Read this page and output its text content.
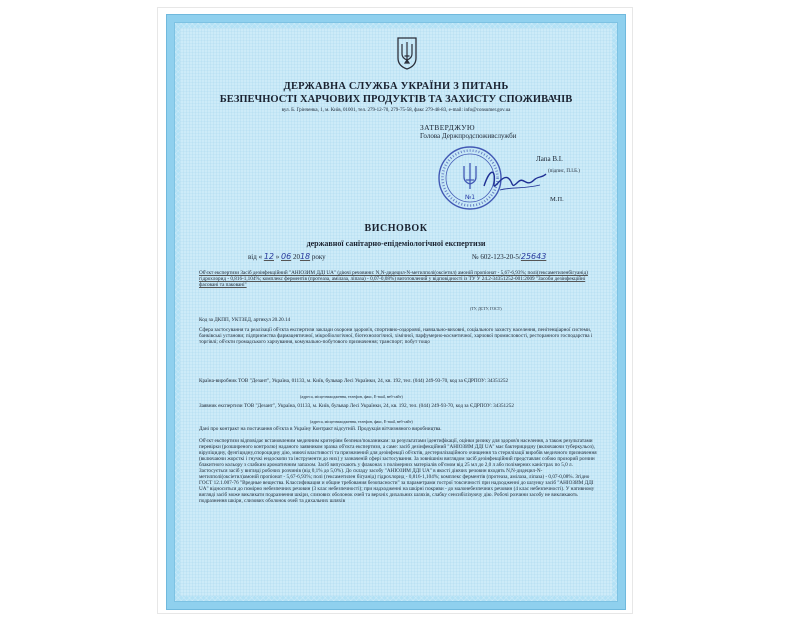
ДЕРЖАВНА СЛУЖБА УКРАЇНИ З ПИТАНЬ
БЕЗПЕЧНОСТІ ХАРЧОВИХ ПРОДУКТІВ ТА ЗАХИСТУ СПОЖИВАЧІВ
вул. Б. Грінченка, 1, м. Київ, 01001, тел. 279-12-70, 279-75-58, факс 279-48-83, e-mail: info@consumer.gov.ua
ЗАТВЕРДЖУЮ
Голова Держпродспоживслужби
Лапа В.І.
(підпис, П.І.Б.)
М.П.
№1
ВИСНОВОК
державної санітарно-епідеміологічної експертизи
від « 12 » 06 2018 року	№ 602-123-20-5/25643
Об'єкт експертизи Засіб дезінфекційний "АНІОЗИМ ДДІ UA" (діючі речовини: N,N-дидецил-N-метилполі(оксіетил) амоній пропіонат - 5,67-6,93%; полі(гексаметиленбігуанід) гідрохлорид - 0,816-1,104%; комплекс ферментів (протеаза, амілаза, ліпаза) - 0,07-0,08%) виготовлений у відповідності із ТУ У 24.2-34351252-001:2009 "Засоби дезінфекційні фасовані та паковані"
(ТУ, ДСТУ, ГОСТ)
Код за ДКПП, УКТЗЕД, артикул 20.20.14
Сфера застосування та реалізації об'єкта експертизи заклади охорони здоров'я, спортивно-оздоровчі, навчально-виховні, соціального захисту населення, пенітенціарної системи, банківські установи; підприємства фармацевтичної, мікробіологічної, біотехнологічної, хімічної, парфумерно-косметичної, харчової промисловості, ресторанного господарства і торгівлі; об'єкти громадського харчування, комунально-побутового призначення; транспорт; побут тощо
Країна-виробник ТОВ "Дезант", Україна, 01133, м. Київ, бульвар Лесі Українки, 24, кв. 192, тел. (044) 249-93-70, код за ЄДРПОУ: 34351252
(адреса, місцезнаходження, телефон, факс, E-mail, веб-сайт)
Заявник експертизи ТОВ "Дезант", Україна, 01133, м. Київ, бульвар Лесі Українки, 24, кв. 192, тел. (044) 249-93-70, код за ЄДРПОУ: 34351252
(адреса, місцезнаходження, телефон, факс, E-mail, веб-сайт)
Дані про контракт на постачання об'єкта в Україну Контракт відсутній. Продукція вітчизняного виробництва.
Об'єкт експертизи відповідає встановленим медичним критеріям безпеки/показникам: за результатами ідентифікації, оцінки ризику для здоров'я населення, а також результатами перевірки (розширеного контролю) наданого заявником зразка об'єкта експертизи, а саме: засіб дезінфекційний "АНІОЗИМ ДДІ UA" має бактерицидну (включаючи туберкульоз), віруліцидну, фунгіцидну,спороцидну дію, миючі властивості та призначений для дезінфекції об'єктів, дестерилізаційного очищення та стерилізації виробів медичного призначення (включаючи жорсткі і гнучкі ендоскопи та інструменти до них) у зазначеній сфері застосування. За зовнішнім виглядом засіб дезінфекційний представляє собою прозорий розчин блакитного кольору з слабким ароматичним запахом. Засіб випускають у флаконах з полімерних матеріалів об'ємом від 25 мл до 2,0 л або полімерних каністрах по 5,0 л. Застосується засіб у вигляді робочих розчинів (від 0,1% до 5,0%). До складу засобу "АНІОЗИМ ДДІ UA" в якості діючих речовин входять N,N-дидецил-N-метилполі(оксіетил)амоній пропіонат - 5,67-6,93%; полі (гексаметилен біґуанід) гідрохлорид - 0,816-1,104%; комплекс ферментів (протеаза, амілаза, ліпаза) - 0,07-0,08%. Згідно ГОСТ 12.1.007-76 "Вредные вещества. Классификация и общие требования безопасности" за параметрами гострої токсичності при надходженні до шлунку засіб "АНІОЗИМ ДДІ UA" відноситься до помірно небезпечних речовин (3 клас небезпечності); при надходженні на шкірні покриви - до малонебезпечних речовин (4 клас небезпечності). У нативному вигляді засіб може викликати подразнення шкіри, слизових оболонок очей та верхніх дихальних шляхів, слабку сенсибілізуючу дію. Робочі розчини засобу не викликають подразнення шкіри, слизових оболонок очей та дихальних шляхів
